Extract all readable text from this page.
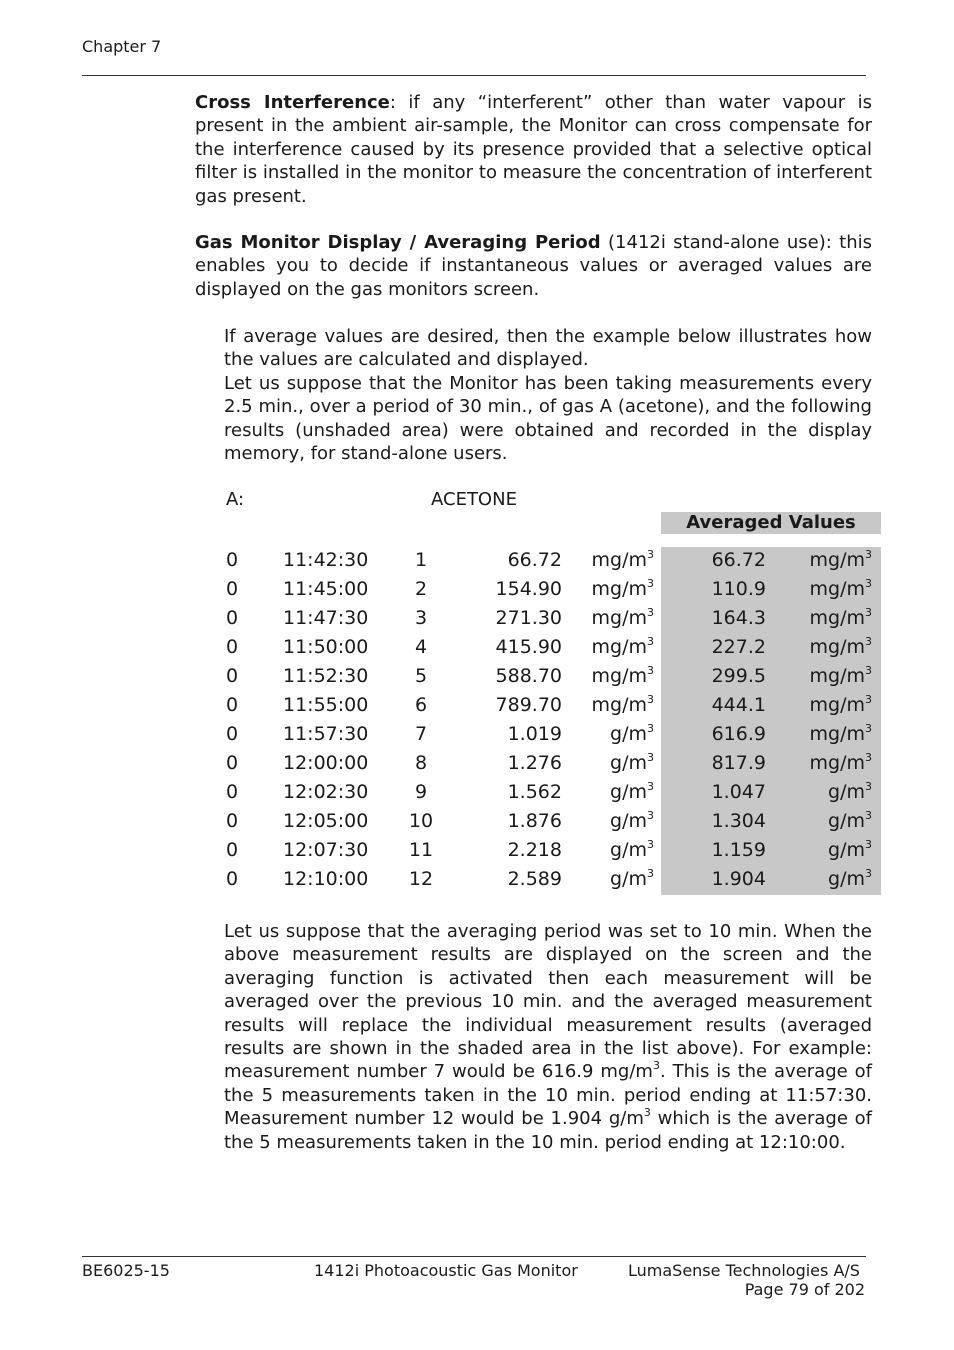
Chapter 7
Cross Interference: if any “interferent” other than water vapour is present in the ambient air-sample, the Monitor can cross compensate for the interference caused by its presence provided that a selective optical filter is installed in the monitor to measure the concentration of interferent gas present.
Gas Monitor Display / Averaging Period (1412i stand-alone use): this enables you to decide if instantaneous values or averaged values are displayed on the gas monitors screen.
If average values are desired, then the example below illustrates how the values are calculated and displayed.
Let us suppose that the Monitor has been taking measurements every 2.5 min., over a period of 30 min., of gas A (acetone), and the following results (unshaded area) were obtained and recorded in the display memory, for stand-alone users.
A:	ACETONE
Averaged Values
0 11:42:30	1	66.72	$mg/m^3$	66.72	$mg/m^3$
0 11:45:00	2	154.90	$mg/m^3$	110.9	$mg/m^3$
0 11:47:30	3	271.30	$mg/m^3$	164.3	$mg/m^3$
0 11:50:00	4	415.90	$mg/m^3$	227.2	$mg/m^3$
0 11:52:30	5	588.70	$mg/m^3$	299.5	$mg/m^3$
0 11:55:00	6	789.70	$mg/m^3$	444.1	$mg/m^3$
0 11:57:30	7	1.019	$g/m^3$	616.9	$mg/m^3$
0 12:00:00	8	1.276	$g/m^3$	817.9	$mg/m^3$
0 12:02:30	9	1.562	$g/m^3$	1.047	$g/m^3$
0 12:05:00	10	1.876	$g/m^3$	1.304	$g/m^3$
0 12:07:30	11	2.218	$g/m^3$	1.159	$g/m^3$
0 12:10:00	12	2.589	$g/m^3$	1.904	$g/m^3$
Let us suppose that the averaging period was set to 10 min. When the above measurement results are displayed on the screen and the averaging function is activated then each measurement will be averaged over the previous 10 min. and the averaged measurement results will replace the individual measurement results (averaged results are shown in the shaded area in the list above). For example: measurement number 7 would be 616.9 $mg/m^3$. This is the average of the 5 measurements taken in the 10 min. period ending at 11:57:30. Measurement number 12 would be 1.904 $g/m^3$ which is the average of the 5 measurements taken in the 10 min. period ending at 12:10:00.
BE6025-15	1412i Photoacoustic Gas Monitor	LumaSense Technologies A/S
Page 79 of 202
